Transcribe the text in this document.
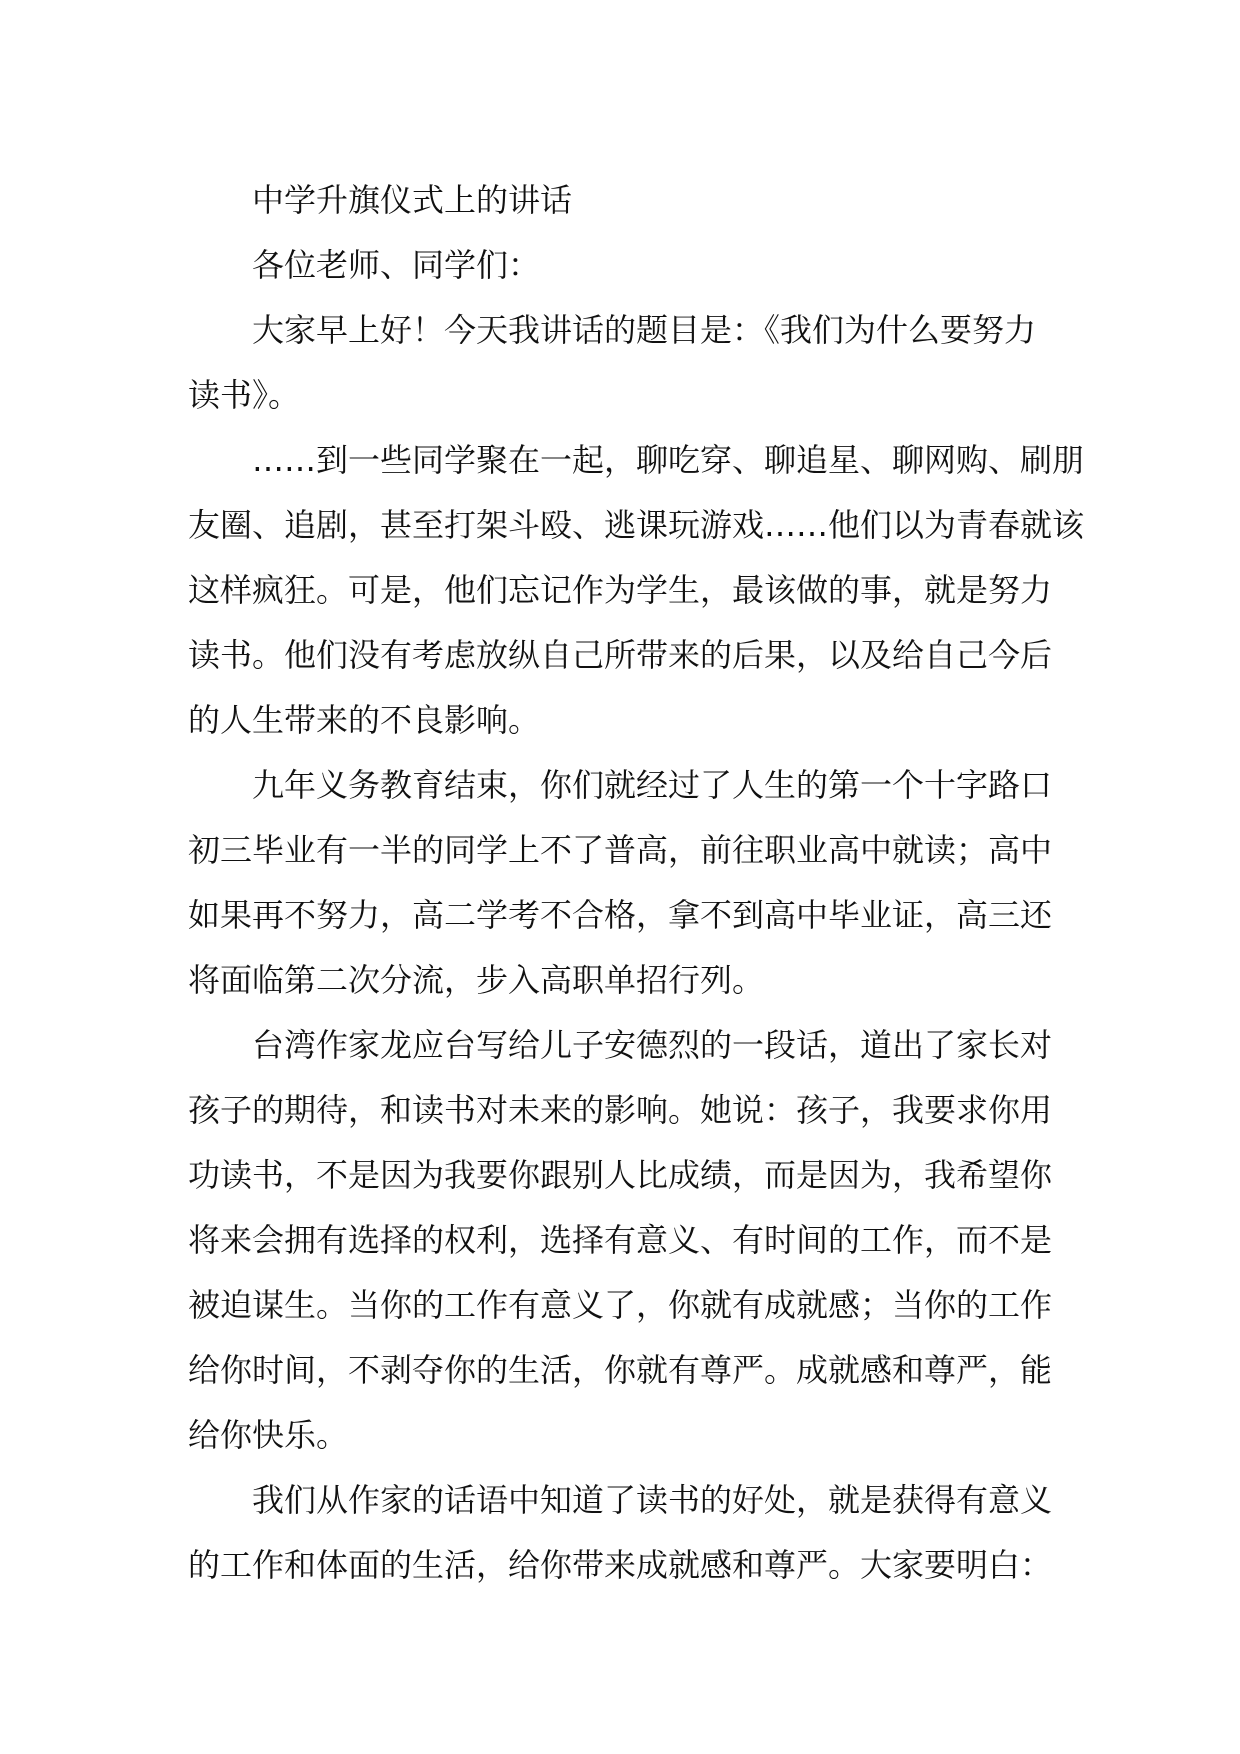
中学升旗仪式上的讲话

各位老师、同学们：

大家早上好！今天我讲话的题目是：《我们为什么要努力

读书》。

……到一些同学聚在一起，聊吃穿、聊追星、聊网购、刷朋

友圈、追剧，甚至打架斗殴、逃课玩游戏……他们以为青春就该

这样疯狂。可是，他们忘记作为学生，最该做的事，就是努力

读书。他们没有考虑放纵自己所带来的后果，以及给自己今后

的人生带来的不良影响。

九年义务教育结束，你们就经过了人生的第一个十字路口

初三毕业有一半的同学上不了普高，前往职业高中就读；高中

如果再不努力，高二学考不合格，拿不到高中毕业证，高三还

将面临第二次分流，步入高职单招行列。

台湾作家龙应台写给儿子安德烈的一段话，道出了家长对

孩子的期待，和读书对未来的影响。她说：孩子，我要求你用

功读书，不是因为我要你跟别人比成绩，而是因为，我希望你

将来会拥有选择的权利，选择有意义、有时间的工作，而不是

被迫谋生。当你的工作有意义了，你就有成就感；当你的工作

给你时间，不剥夺你的生活，你就有尊严。成就感和尊严，能

给你快乐。

我们从作家的话语中知道了读书的好处，就是获得有意义

的工作和体面的生活，给你带来成就感和尊严。大家要明白：
